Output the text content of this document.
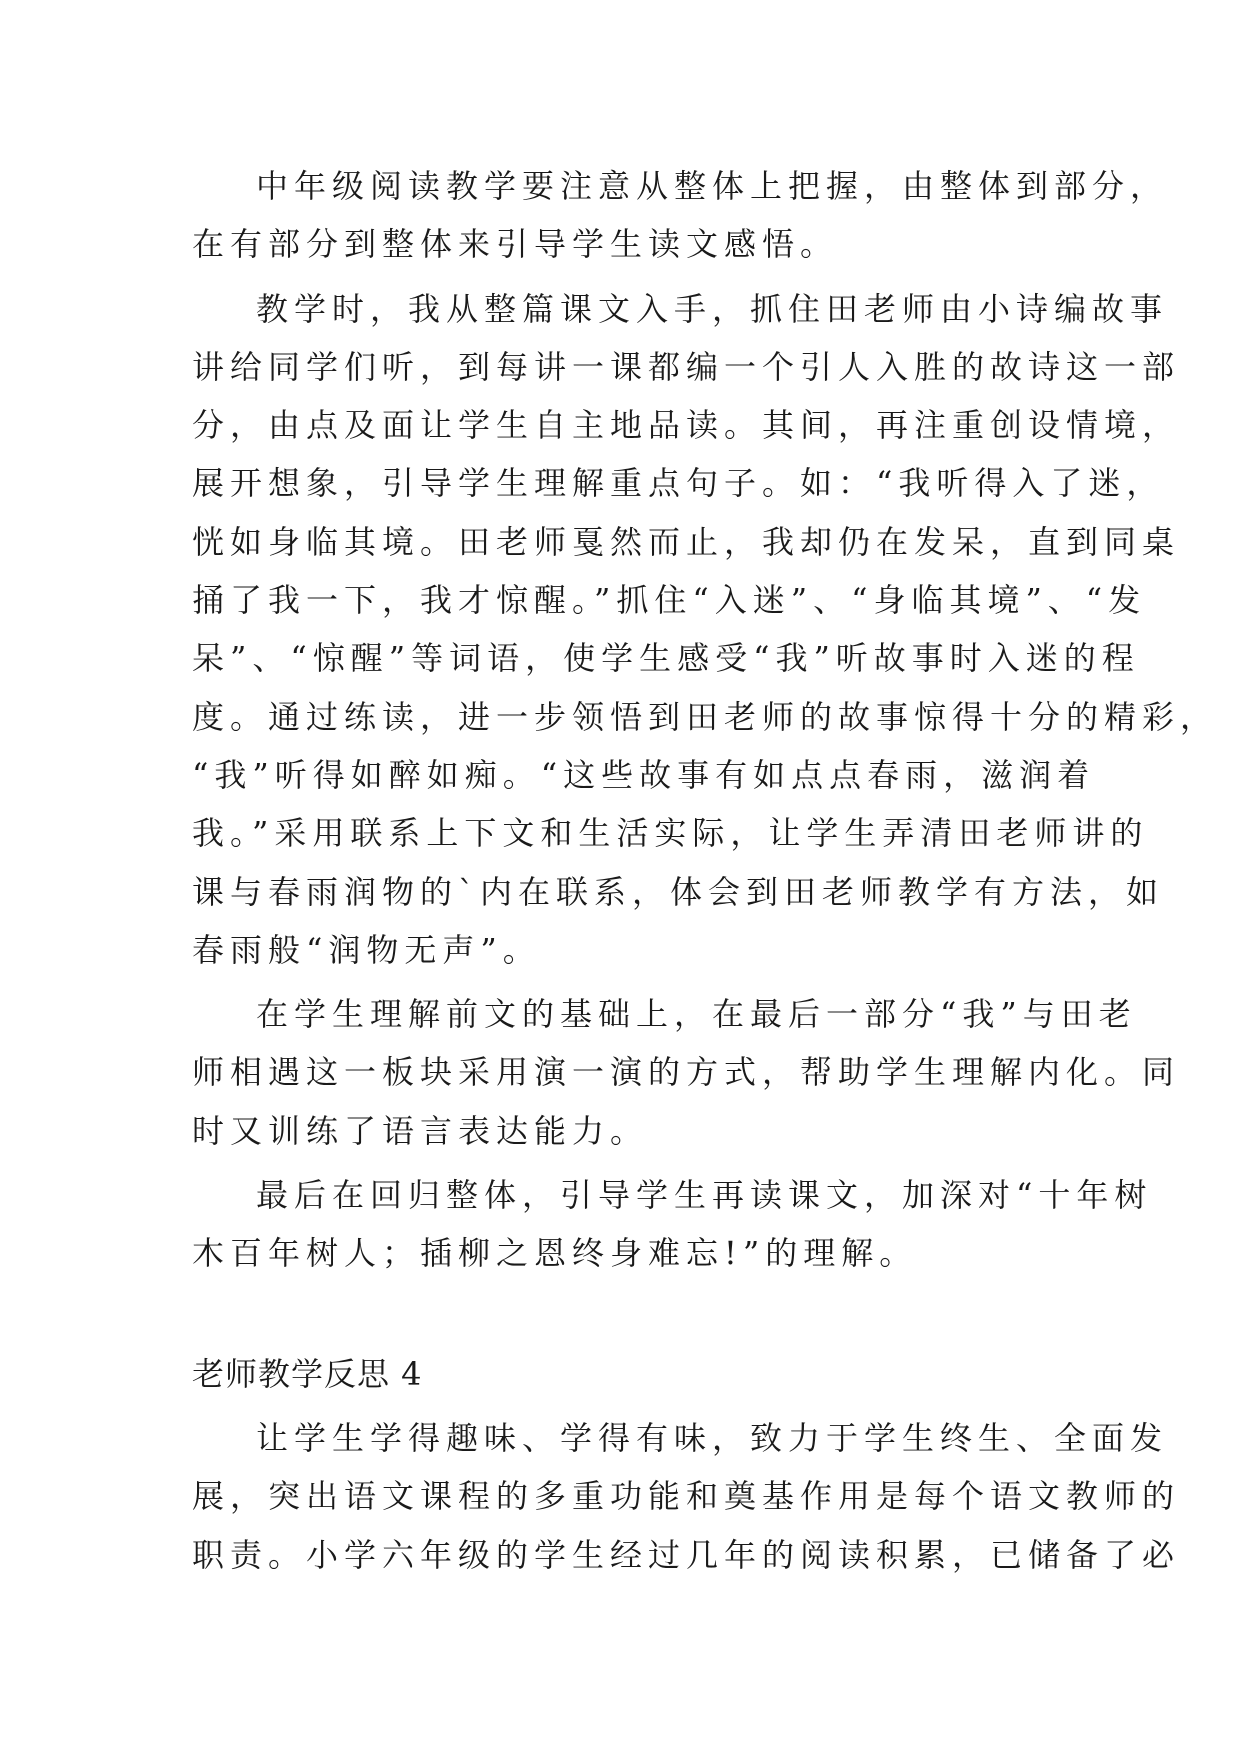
中年级阅读教学要注意从整体上把握，由整体到部分，
在有部分到整体来引导学生读文感悟。
教学时，我从整篇课文入手，抓住田老师由小诗编故事
讲给同学们听，到每讲一课都编一个引人入胜的故诗这一部
分，由点及面让学生自主地品读。其间，再注重创设情境，
展开想象，引导学生理解重点句子。如：“我听得入了迷，
恍如身临其境。田老师戛然而止，我却仍在发呆，直到同桌
捅了我一下，我才惊醒。”抓住“入迷”、“身临其境”、“发
呆”、“惊醒”等词语，使学生感受“我”听故事时入迷的程
度。通过练读，进一步领悟到田老师的故事惊得十分的精彩，
“我”听得如醉如痴。“这些故事有如点点春雨，滋润着
我。”采用联系上下文和生活实际，让学生弄清田老师讲的
课与春雨润物的`内在联系，体会到田老师教学有方法，如
春雨般“润物无声”。
在学生理解前文的基础上，在最后一部分“我”与田老
师相遇这一板块采用演一演的方式，帮助学生理解内化。同
时又训练了语言表达能力。
最后在回归整体，引导学生再读课文，加深对“十年树
木百年树人；插柳之恩终身难忘!”的理解。
老师教学反思 4
让学生学得趣味、学得有味，致力于学生终生、全面发
展，突出语文课程的多重功能和奠基作用是每个语文教师的
职责。小学六年级的学生经过几年的阅读积累，已储备了必
